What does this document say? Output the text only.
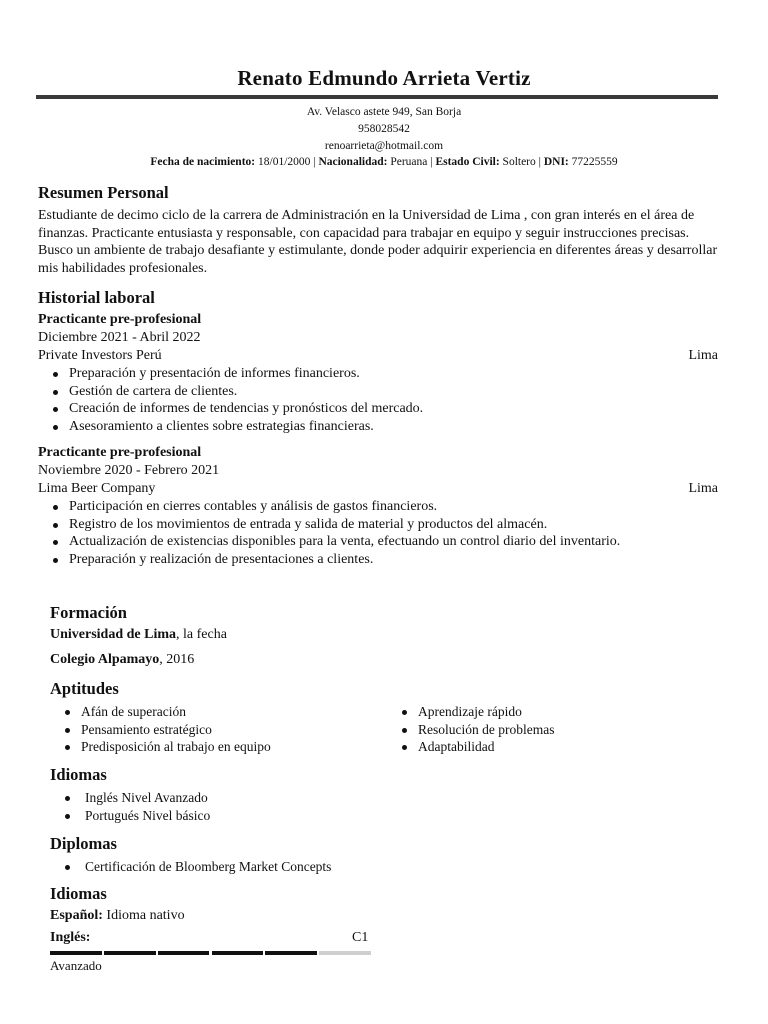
Renato Edmundo Arrieta Vertiz
Av. Velasco astete 949, San Borja
958028542
renoarrieta@hotmail.com
Fecha de nacimiento: 18/01/2000 | Nacionalidad: Peruana | Estado Civil: Soltero | DNI: 77225559
Resumen Personal
Estudiante de decimo ciclo de la carrera de Administración en la Universidad de Lima , con gran interés en el área de finanzas. Practicante entusiasta y responsable, con capacidad para trabajar en equipo y seguir instrucciones precisas. Busco un ambiente de trabajo desafiante y estimulante, donde poder adquirir experiencia en diferentes áreas y desarrollar mis habilidades profesionales.
Historial laboral
Practicante pre-profesional
Diciembre 2021 - Abril 2022
Private Investors Perú	Lima
Preparación y presentación de informes financieros.
Gestión de cartera de clientes.
Creación de informes de tendencias y pronósticos del mercado.
Asesoramiento a clientes sobre estrategias financieras.
Practicante pre-profesional
Noviembre 2020 - Febrero 2021
Lima Beer Company	Lima
Participación en cierres contables y análisis de gastos financieros.
Registro de los movimientos de entrada y salida de material y productos del almacén.
Actualización de existencias disponibles para la venta, efectuando un control diario del inventario.
Preparación y realización de presentaciones a clientes.
Formación
Universidad de Lima, la fecha
Colegio Alpamayo, 2016
Aptitudes
Afán de superación
Pensamiento estratégico
Predisposición al trabajo en equipo
Aprendizaje rápido
Resolución de problemas
Adaptabilidad
Idiomas
Inglés Nivel Avanzado
Portugués Nivel básico
Diplomas
Certificación de Bloomberg Market Concepts
Idiomas
Español: Idioma nativo
Inglés:	C1
Avanzado
